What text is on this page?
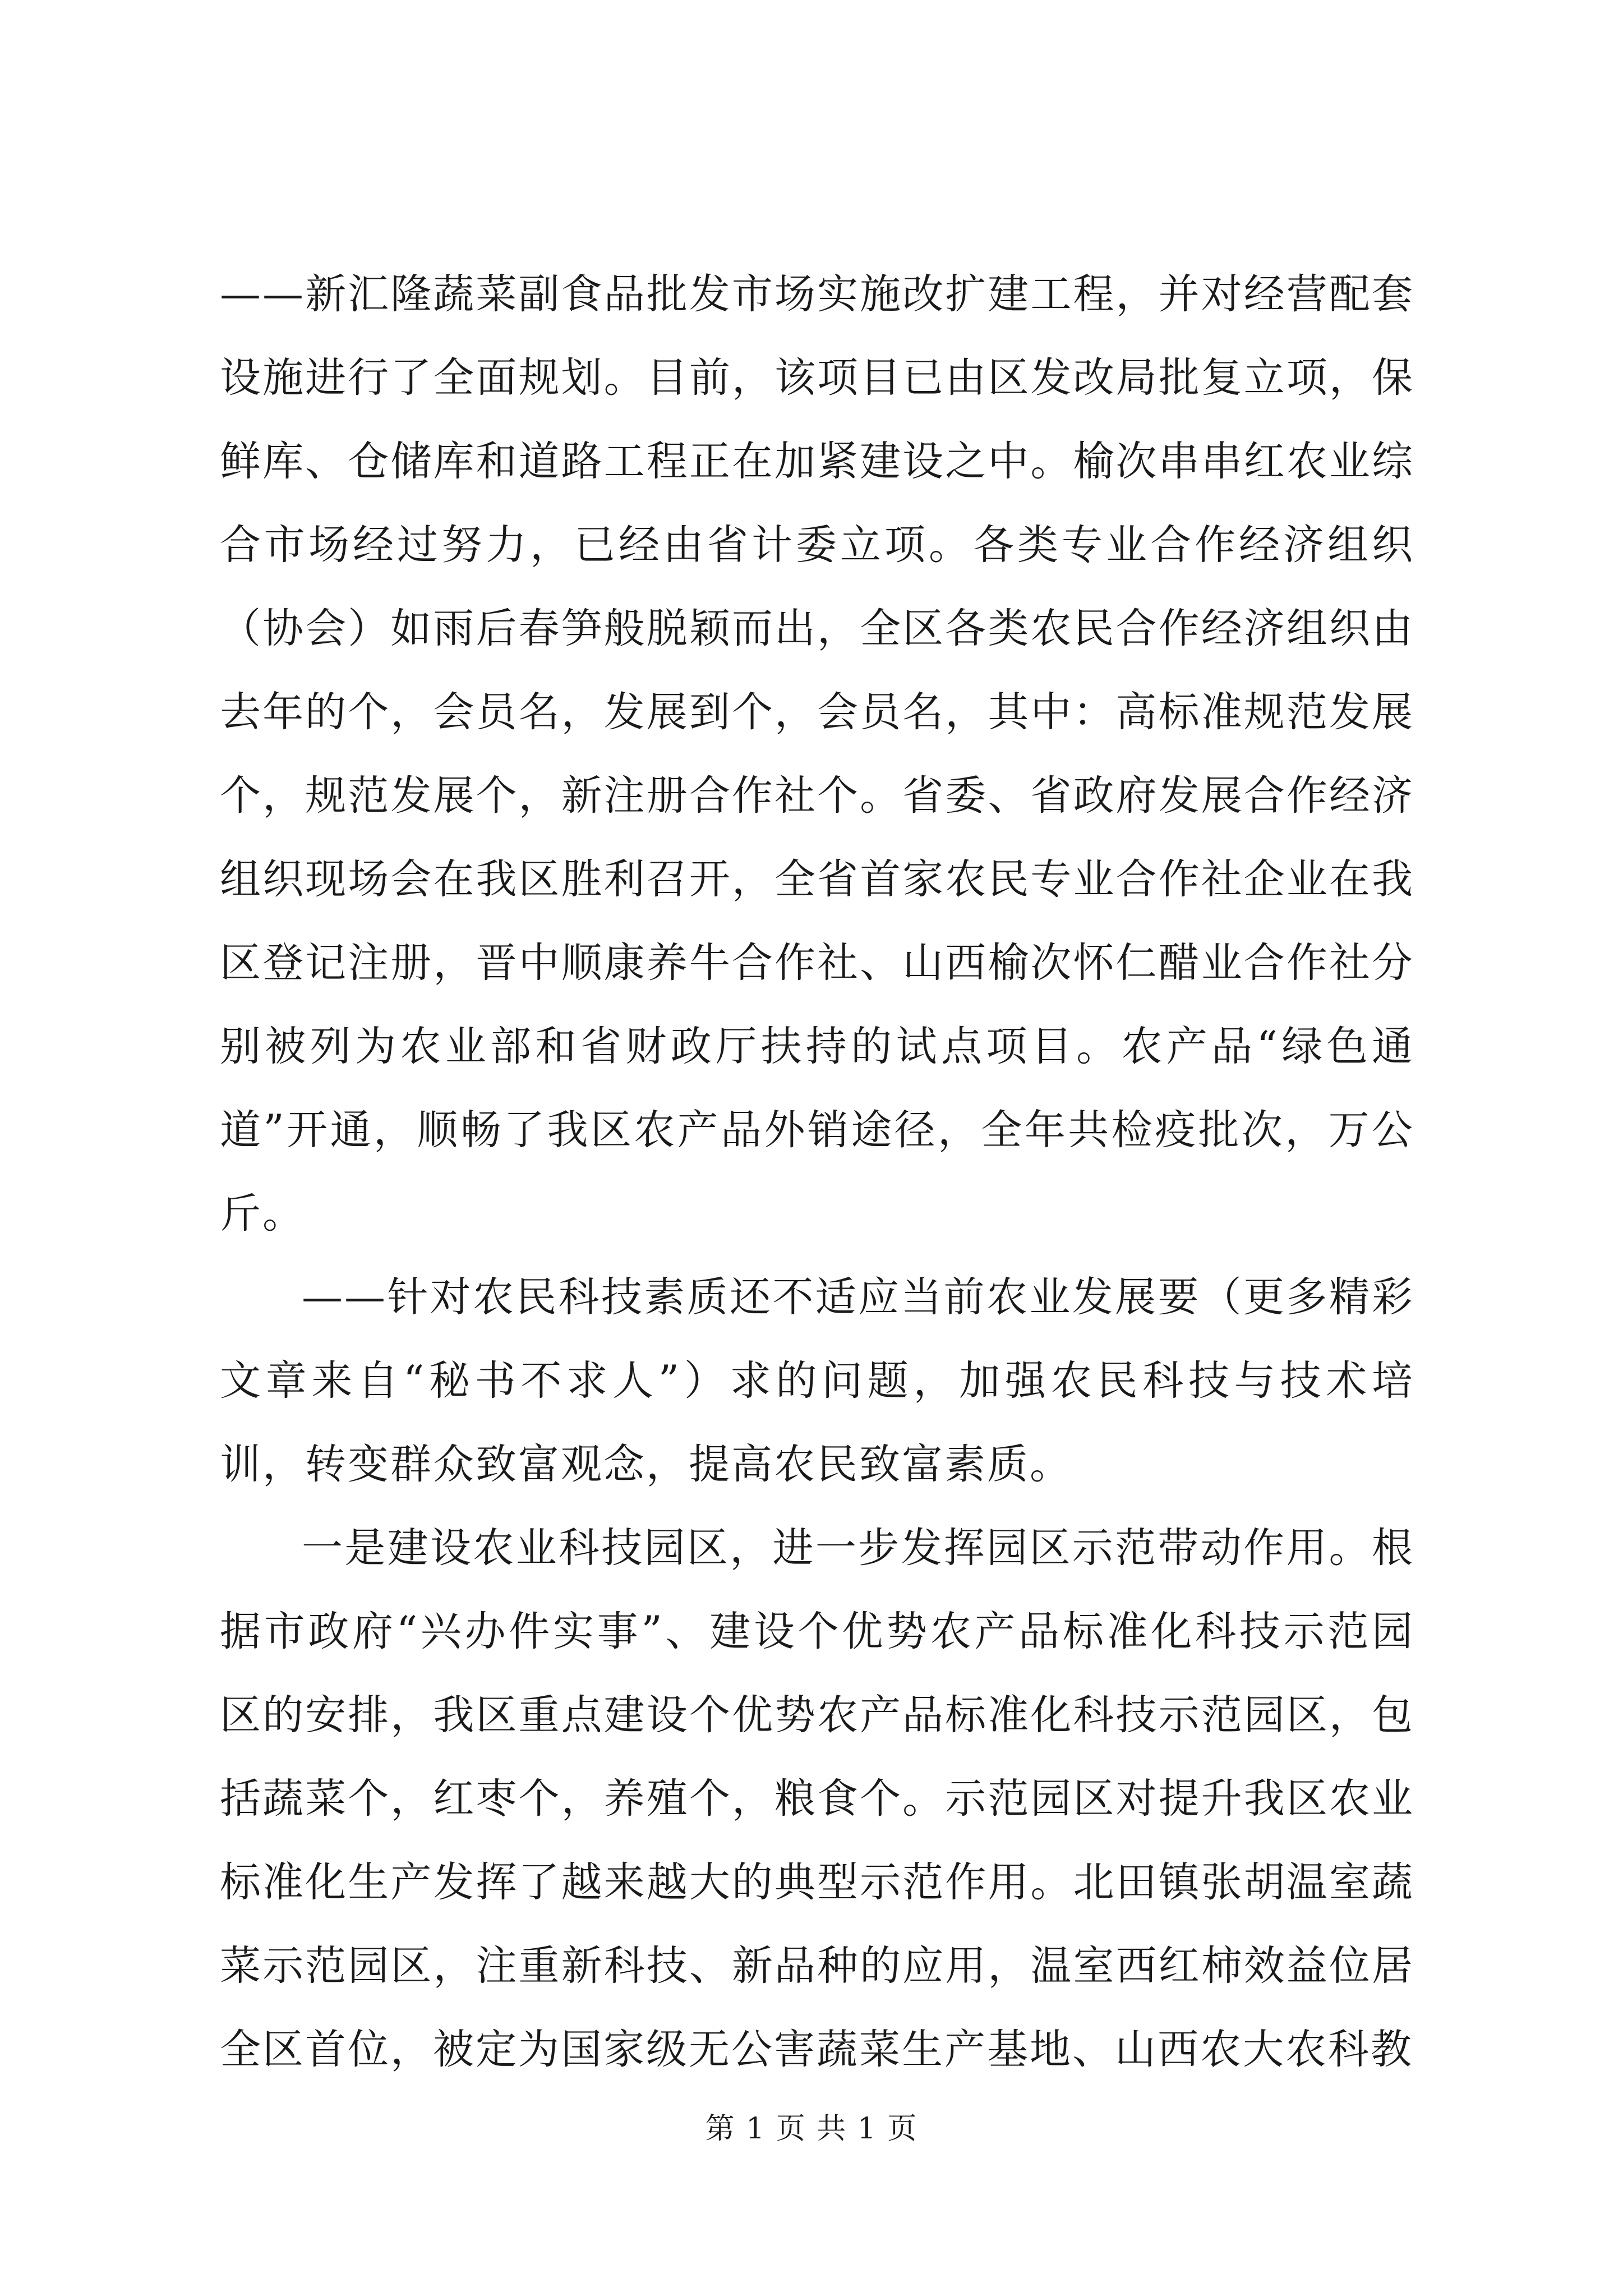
——新汇隆蔬菜副食品批发市场实施改扩建工程，并对经营配套设施进行了全面规划。目前，该项目已由区发改局批复立项，保鲜库、仓储库和道路工程正在加紧建设之中。榆次串串红农业综合市场经过努力，已经由省计委立项。各类专业合作经济组织（协会）如雨后春笋般脱颖而出，全区各类农民合作经济组织由去年的个，会员名，发展到个，会员名，其中：高标准规范发展个，规范发展个，新注册合作社个。省委、省政府发展合作经济组织现场会在我区胜利召开，全省首家农民专业合作社企业在我区登记注册，晋中顺康养牛合作社、山西榆次怀仁醋业合作社分别被列为农业部和省财政厅扶持的试点项目。农产品“绿色通道”开通，顺畅了我区农产品外销途径，全年共检疫批次，万公斤。

——针对农民科技素质还不适应当前农业发展要（更多精彩文章来自“秘书不求人”）求的问题，加强农民科技与技术培训，转变群众致富观念，提高农民致富素质。

一是建设农业科技园区，进一步发挥园区示范带动作用。根据市政府“兴办件实事”、建设个优势农产品标准化科技示范园区的安排，我区重点建设个优势农产品标准化科技示范园区，包括蔬菜个，红枣个，养殖个，粮食个。示范园区对提升我区农业标准化生产发挥了越来越大的典型示范作用。北田镇张胡温室蔬菜示范园区，注重新科技、新品种的应用，温室西红柿效益位居全区首位，被定为国家级无公害蔬菜生产基地、山西农大农科教

第 1 页 共 1 页
